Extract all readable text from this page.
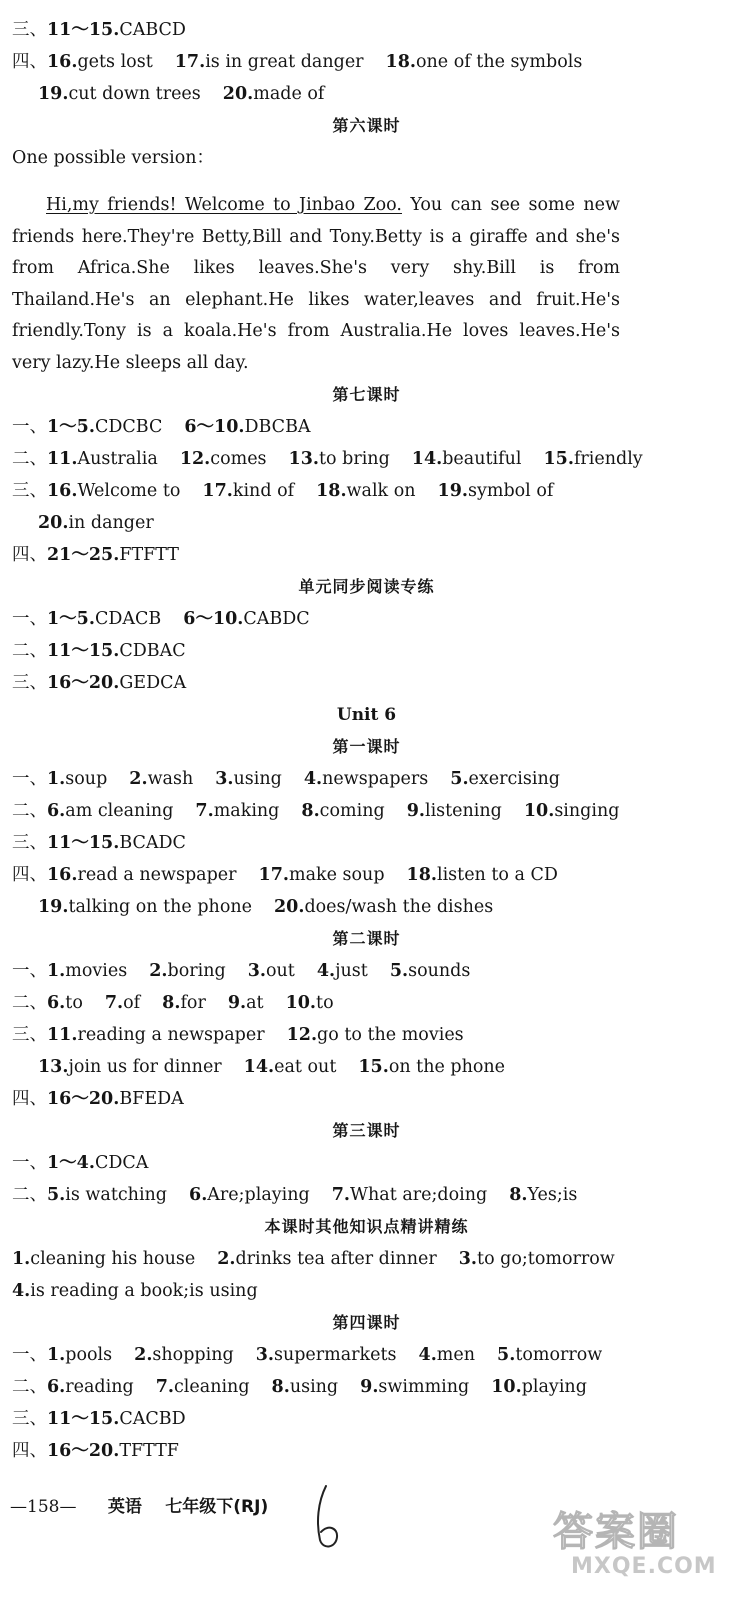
三、11～15.CABCD
四、16.gets lost 17.is in great danger 18.one of the symbols
19.cut down trees 20.made of
第六课时
One possible version：
第七课时
一、1～5.CDCBC 6～10.DBCBA
二、11.Australia 12.comes 13.to bring 14.beautiful 15.friendly
三、16.Welcome to 17.kind of 18.walk on 19.symbol of
20.in danger
四、21～25.FTFTT
单元同步阅读专练
一、1～5.CDACB 6～10.CABDC
二、11～15.CDBAC
三、16～20.GEDCA
Unit 6
第一课时
一、1.soup 2.wash 3.using 4.newspapers 5.exercising
二、6.am cleaning 7.making 8.coming 9.listening 10.singing
三、11～15.BCADC
四、16.read a newspaper 17.make soup 18.listen to a CD
19.talking on the phone 20.does/wash the dishes
第二课时
一、1.movies 2.boring 3.out 4.just 5.sounds
二、6.to 7.of 8.for 9.at 10.to
三、11.reading a newspaper 12.go to the movies
13.join us for dinner 14.eat out 15.on the phone
四、16～20.BFEDA
第三课时
一、1～4.CDCA
二、5.is watching 6.Are;playing 7.What are;doing 8.Yes;is
本课时其他知识点精讲精练
1.cleaning his house 2.drinks tea after dinner 3.to go;tomorrow
4.is reading a book;is using
第四课时
一、1.pools 2.shopping 3.supermarkets 4.men 5.tomorrow
二、6.reading 7.cleaning 8.using 9.swimming 10.playing
三、11～15.CACBD
四、16～20.TFTTF
Hi,my friends! Welcome to Jinbao Zoo. You can see some new friends here.They're Betty,Bill and Tony.Betty is a giraffe and she's from Africa.She likes leaves.She's very shy.Bill is from Thailand.He's an elephant.He likes water,leaves and fruit.He's friendly.Tony is a koala.He's from Australia.He loves leaves.He's very lazy.He sleeps all day.
—158— 英语 七年级下(RJ)
答案圈
MXQE.COM
